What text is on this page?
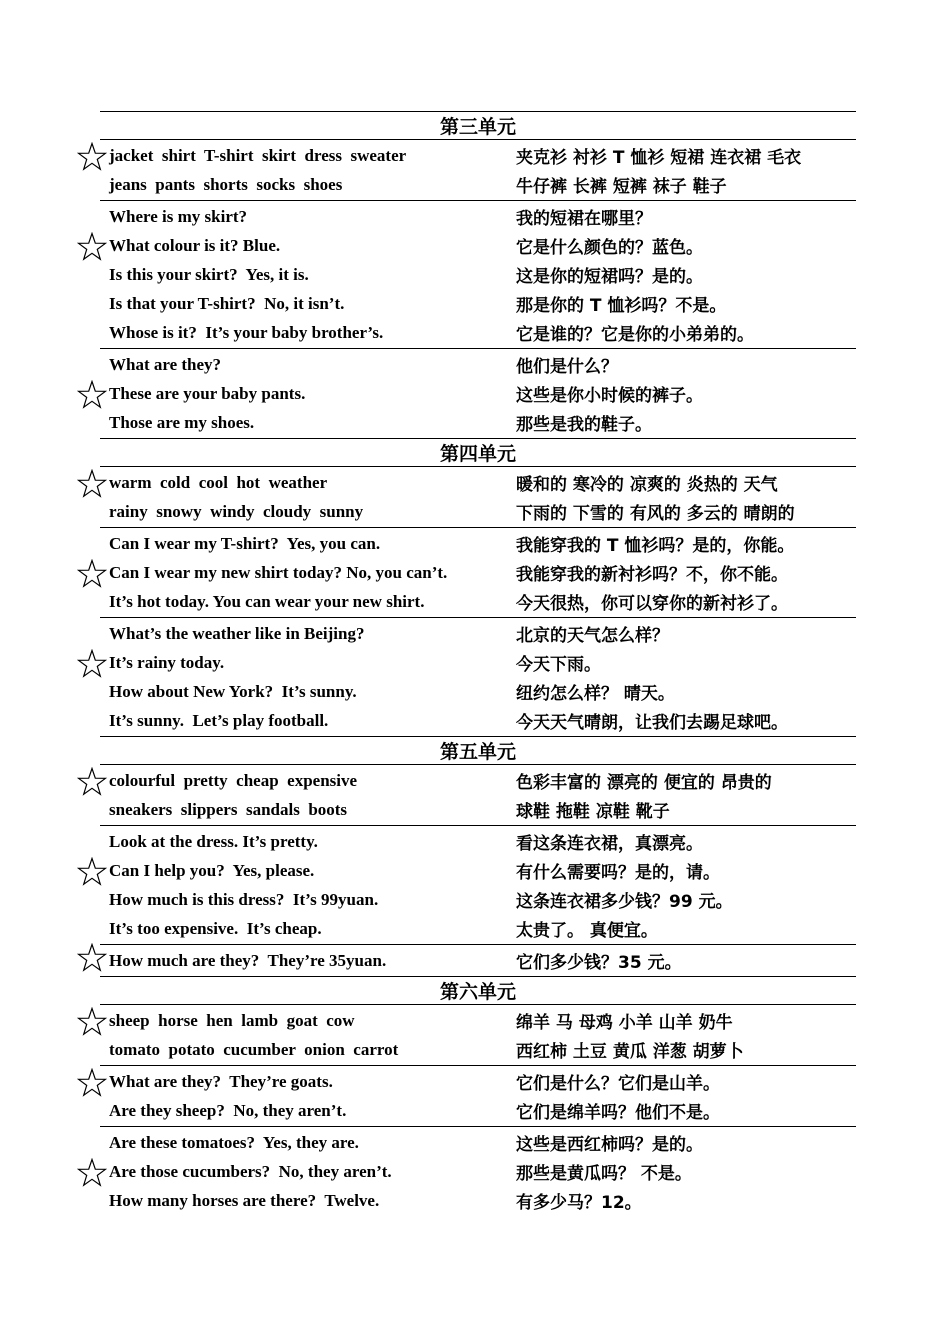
第三单元
jacket  shirt  T-shirt  skirt  dress  sweater	夹克衫 衬衫 T 恤衫 短裙 连衣裙 毛衣
jeans  pants  shorts  socks  shoes	牛仔裤 长裤 短裤 袜子 鞋子
Where is my skirt?	我的短裙在哪里？
What colour is it? Blue.	它是什么颜色的？蓝色。
Is this your skirt?  Yes, it is.	这是你的短裙吗？是的。
Is that your T-shirt?  No, it isn’t.	那是你的 T 恤衫吗？不是。
Whose is it?  It’s your baby brother’s.	它是谁的？它是你的小弟弟的。
What are they?	他们是什么？
These are your baby pants.	这些是你小时候的裤子。
Those are my shoes.	那些是我的鞋子。
第四单元
warm  cold  cool  hot  weather	暖和的 寒冷的 凉爽的 炎热的 天气
rainy  snowy  windy  cloudy  sunny	下雨的 下雪的 有风的 多云的 晴朗的
Can I wear my T-shirt?  Yes, you can.	我能穿我的 T 恤衫吗？是的，你能。
Can I wear my new shirt today? No, you can’t.	我能穿我的新衬衫吗？不，你不能。
It’s hot today. You can wear your new shirt.	今天很热，你可以穿你的新衬衫了。
What’s the weather like in Beijing?	北京的天气怎么样？
It’s rainy today.	今天下雨。
How about New York?  It’s sunny.	纽约怎么样？ 晴天。
It’s sunny.  Let’s play football.	今天天气晴朗，让我们去踢足球吧。
第五单元
colourful  pretty  cheap  expensive	色彩丰富的 漂亮的 便宜的 昂贵的
sneakers  slippers  sandals  boots	球鞋 拖鞋 凉鞋 靴子
Look at the dress. It’s pretty.	看这条连衣裙，真漂亮。
Can I help you?  Yes, please.	有什么需要吗？是的，请。
How much is this dress?  It’s 99yuan.	这条连衣裙多少钱？99 元。
It’s too expensive.  It’s cheap.	太贵了。 真便宜。
How much are they?  They’re 35yuan.	它们多少钱？35 元。
第六单元
sheep  horse  hen  lamb  goat  cow	绵羊 马 母鸡 小羊 山羊 奶牛
tomato  potato  cucumber  onion  carrot	西红柿 土豆 黄瓜 洋葱 胡萝卜
What are they?  They’re goats.	它们是什么？它们是山羊。
Are they sheep?  No, they aren’t.	它们是绵羊吗？他们不是。
Are these tomatoes?  Yes, they are.	这些是西红柿吗？是的。
Are those cucumbers?  No, they aren’t.	那些是黄瓜吗？ 不是。
How many horses are there?  Twelve.	有多少马？12。
